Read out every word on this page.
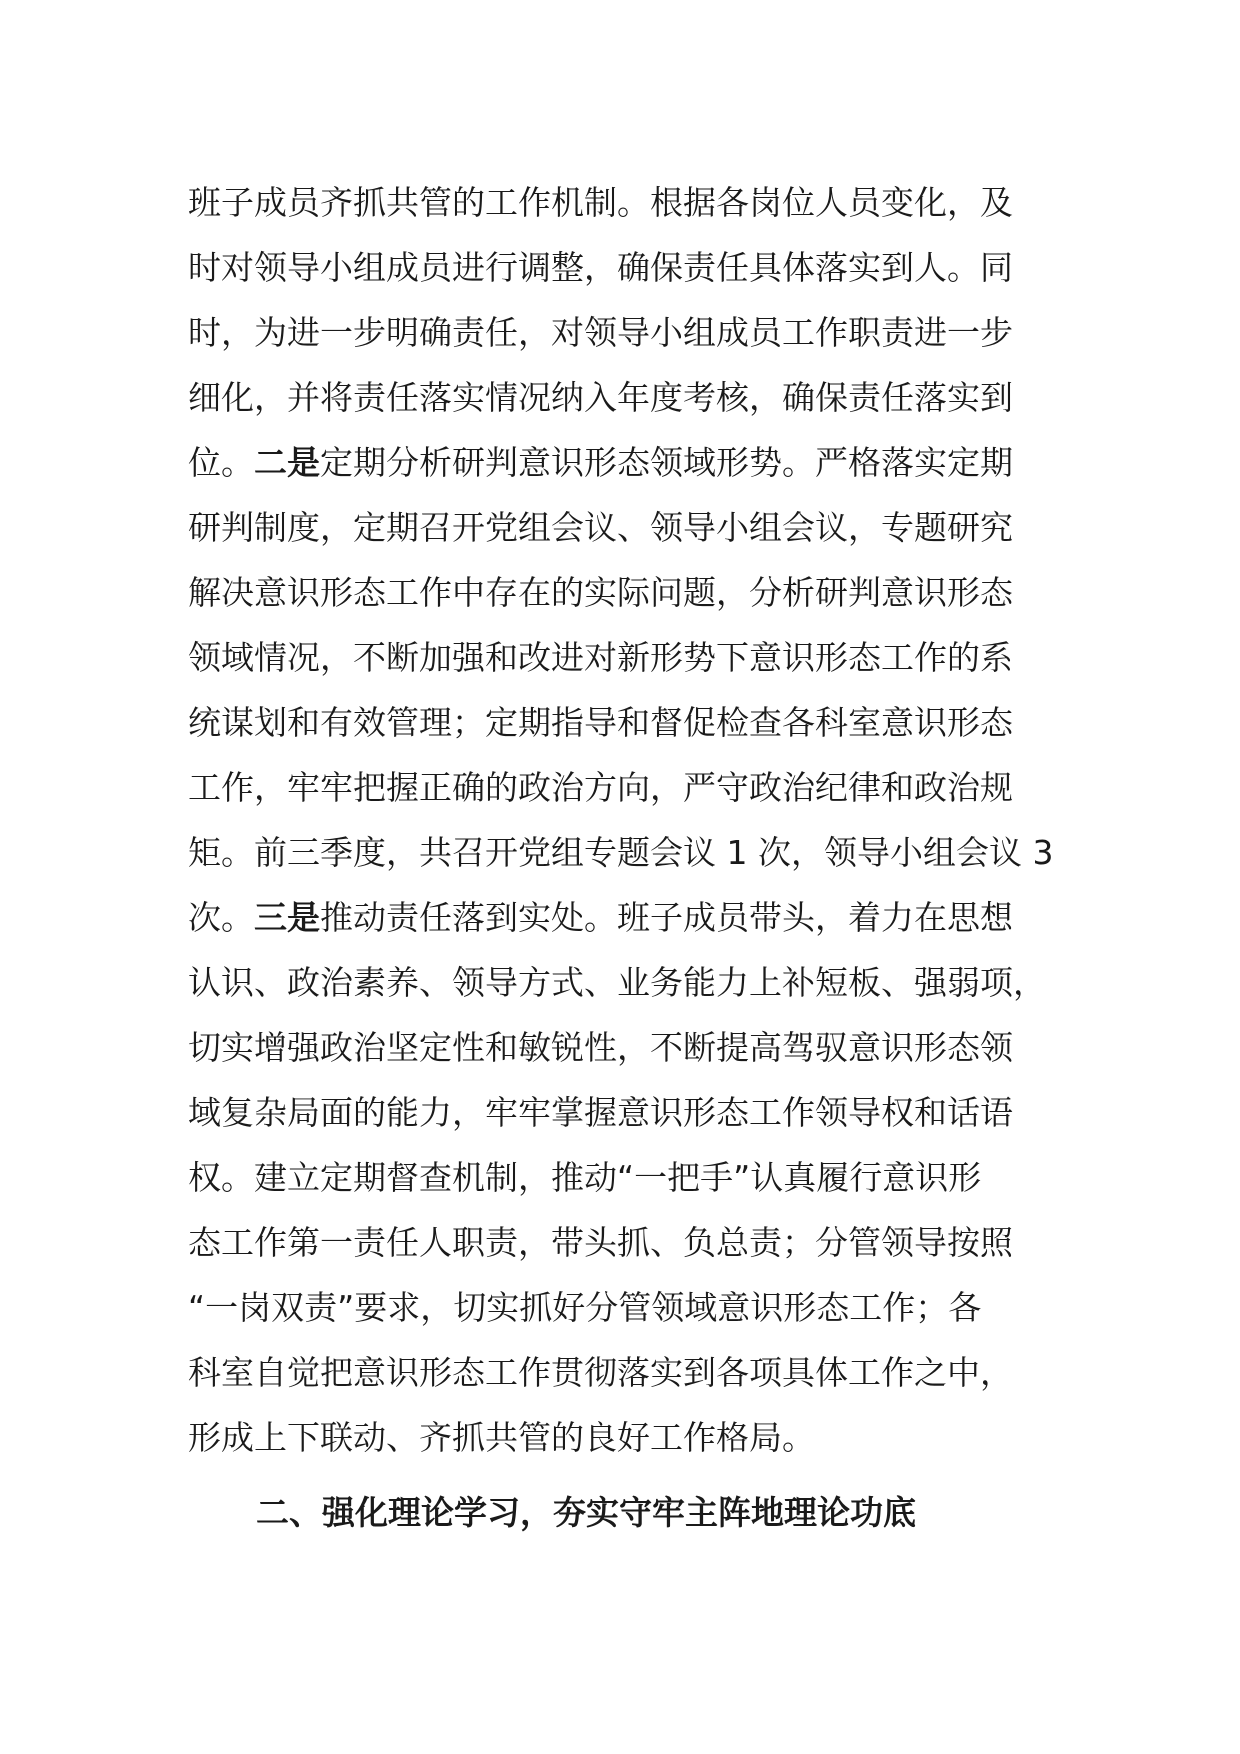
班子成员齐抓共管的工作机制。根据各岗位人员变化，及
时对领导小组成员进行调整，确保责任具体落实到人。同
时，为进一步明确责任，对领导小组成员工作职责进一步
细化，并将责任落实情况纳入年度考核，确保责任落实到
位。二是定期分析研判意识形态领域形势。严格落实定期
研判制度，定期召开党组会议、领导小组会议，专题研究
解决意识形态工作中存在的实际问题，分析研判意识形态
领域情况，不断加强和改进对新形势下意识形态工作的系
统谋划和有效管理；定期指导和督促检查各科室意识形态
工作，牢牢把握正确的政治方向，严守政治纪律和政治规
矩。前三季度，共召开党组专题会议 1 次，领导小组会议 3
次。三是推动责任落到实处。班子成员带头，着力在思想
认识、政治素养、领导方式、业务能力上补短板、强弱项，
切实增强政治坚定性和敏锐性，不断提高驾驭意识形态领
域复杂局面的能力，牢牢掌握意识形态工作领导权和话语
权。建立定期督查机制，推动“一把手”认真履行意识形
态工作第一责任人职责，带头抓、负总责；分管领导按照
“一岗双责”要求，切实抓好分管领域意识形态工作；各
科室自觉把意识形态工作贯彻落实到各项具体工作之中，
形成上下联动、齐抓共管的良好工作格局。
二、强化理论学习，夯实守牢主阵地理论功底
